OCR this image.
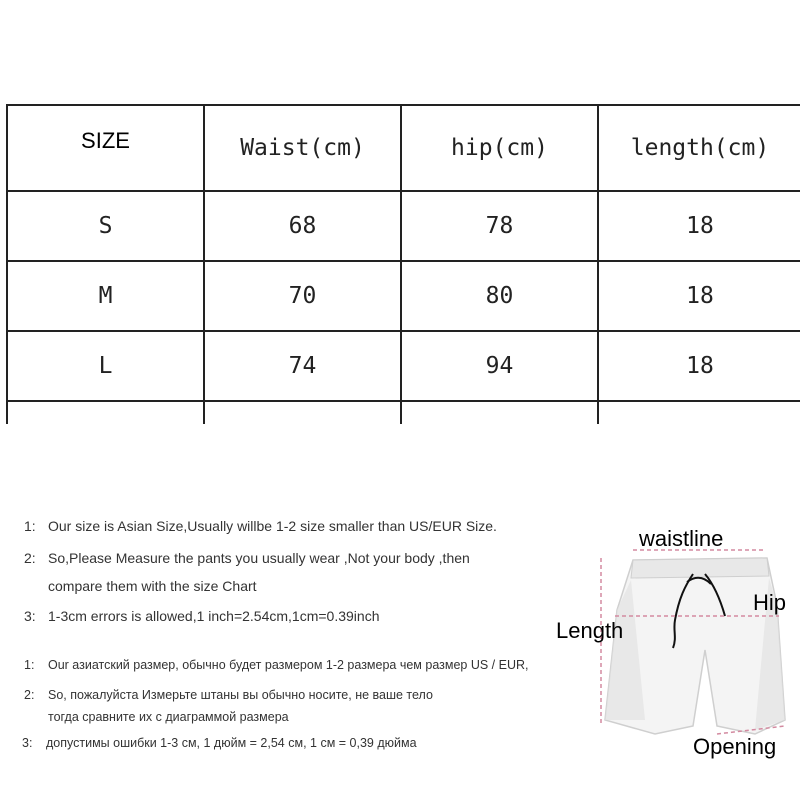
SIZE	Waist(cm)	hip(cm)	length(cm)
S	68	78	18
M	70	80	18
L	74	94	18

1: Our size is Asian Size,Usually willbe 1-2 size smaller than US/EUR Size.
2: So,Please Measure the pants you usually wear ,Not your body ,then
compare them with the size Chart
3: 1-3cm errors is allowed,1 inch=2.54cm,1cm=0.39inch
1: Our азиатский размер, обычно будет размером 1-2 размера чем размер US / EUR,
2: So, пожалуйста Измерьте штаны вы обычно носите, не ваше тело
тогда сравните их с диаграммой размера
3: допустимы ошибки 1-3 см, 1 дюйм = 2,54 см, 1 см = 0,39 дюйма
waistline
Hip
Length
Opening
